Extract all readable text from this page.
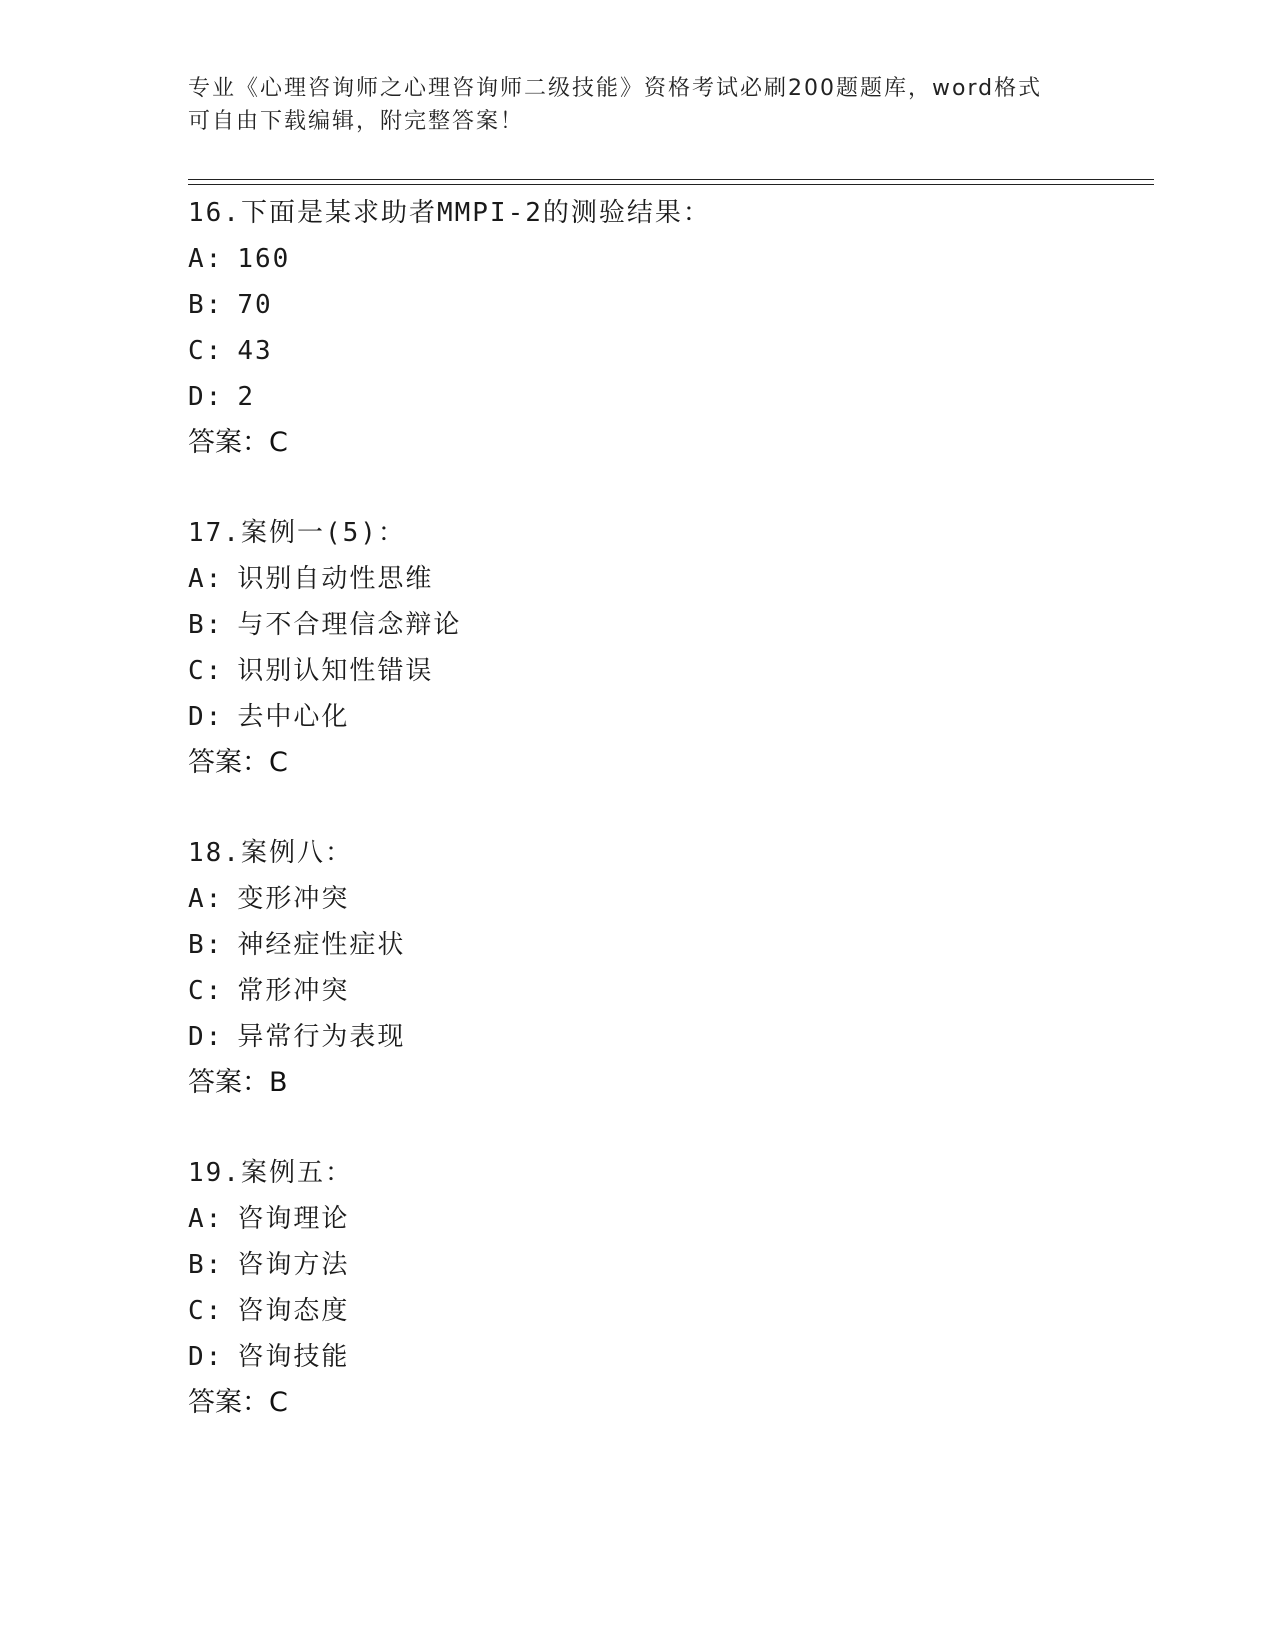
专业《心理咨询师之心理咨询师二级技能》资格考试必刷200题题库，word格式
可自由下载编辑，附完整答案！
16.下面是某求助者MMPI-2的测验结果：
A: 160
B: 70
C: 43
D: 2
答案：C
17.案例一(5)：
A: 识别自动性思维
B: 与不合理信念辩论
C: 识别认知性错误
D: 去中心化
答案：C
18.案例八：
A: 变形冲突
B: 神经症性症状
C: 常形冲突
D: 异常行为表现
答案：B
19.案例五：
A: 咨询理论
B: 咨询方法
C: 咨询态度
D: 咨询技能
答案：C
